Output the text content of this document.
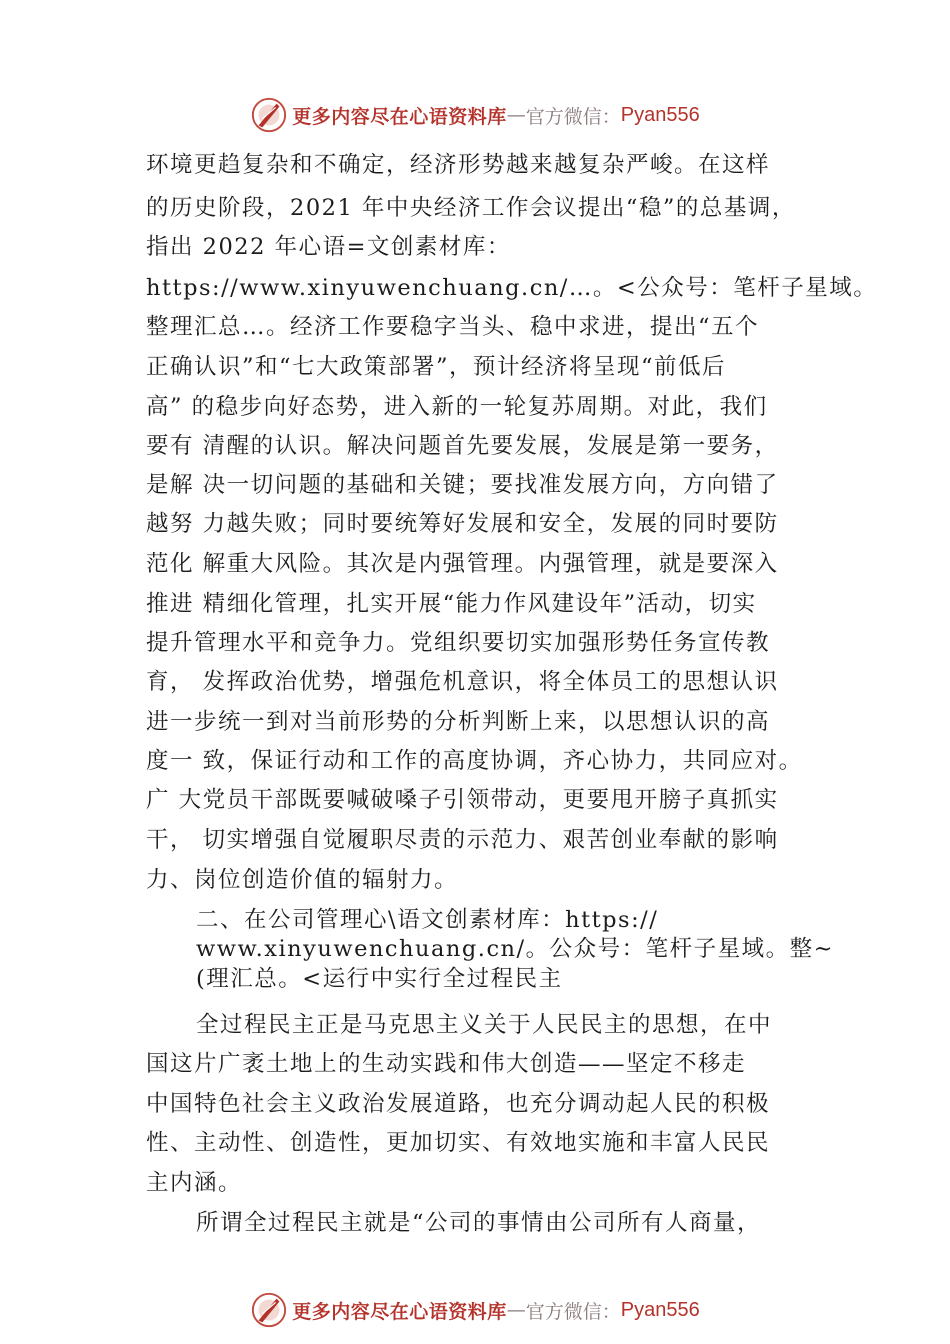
更多内容尽在心语资料库 — 官方微信： Pyan556
环境更趋复杂和不确定，经济形势越来越复杂严峻。在这样
的历史阶段，2021 年中央经济工作会议提出“稳”的总基调，
指出 2022 年心语=文创素材库：
https://www.xinyuwenchuang.cn/…。<公众号：笔杆子星域。
整理汇总…。经济工作要稳字当头、稳中求进，提出“五个
正确认识”和“七大政策部署”，预计经济将呈现“前低后
高” 的稳步向好态势，进入新的一轮复苏周期。对此，我们
要有 清醒的认识。解决问题首先要发展，发展是第一要务，
是解 决一切问题的基础和关键；要找准发展方向，方向错了
越努 力越失败；同时要统筹好发展和安全，发展的同时要防
范化 解重大风险。其次是内强管理。内强管理，就是要深入
推进 精细化管理，扎实开展“能力作风建设年”活动，切实
提升管理水平和竞争力。党组织要切实加强形势任务宣传教
育， 发挥政治优势，增强危机意识，将全体员工的思想认识
进一步统一到对当前形势的分析判断上来，以思想认识的高
度一 致，保证行动和工作的高度协调，齐心协力，共同应对。
广 大党员干部既要喊破嗓子引领带动，更要甩开膀子真抓实
干， 切实增强自觉履职尽责的示范力、艰苦创业奉献的影响
力、岗位创造价值的辐射力。
二、在公司管理心\语文创素材库：https://
www.xinyuwenchuang.cn/。公众号：笔杆子星域。整~
(理汇总。<运行中实行全过程民主
全过程民主正是马克思主义关于人民民主的思想，在中
国这片广袤土地上的生动实践和伟大创造——坚定不移走
中国特色社会主义政治发展道路，也充分调动起人民的积极
性、主动性、创造性，更加切实、有效地实施和丰富人民民
主内涵。
所谓全过程民主就是“公司的事情由公司所有人商量，
更多内容尽在心语资料库 — 官方微信： Pyan556
